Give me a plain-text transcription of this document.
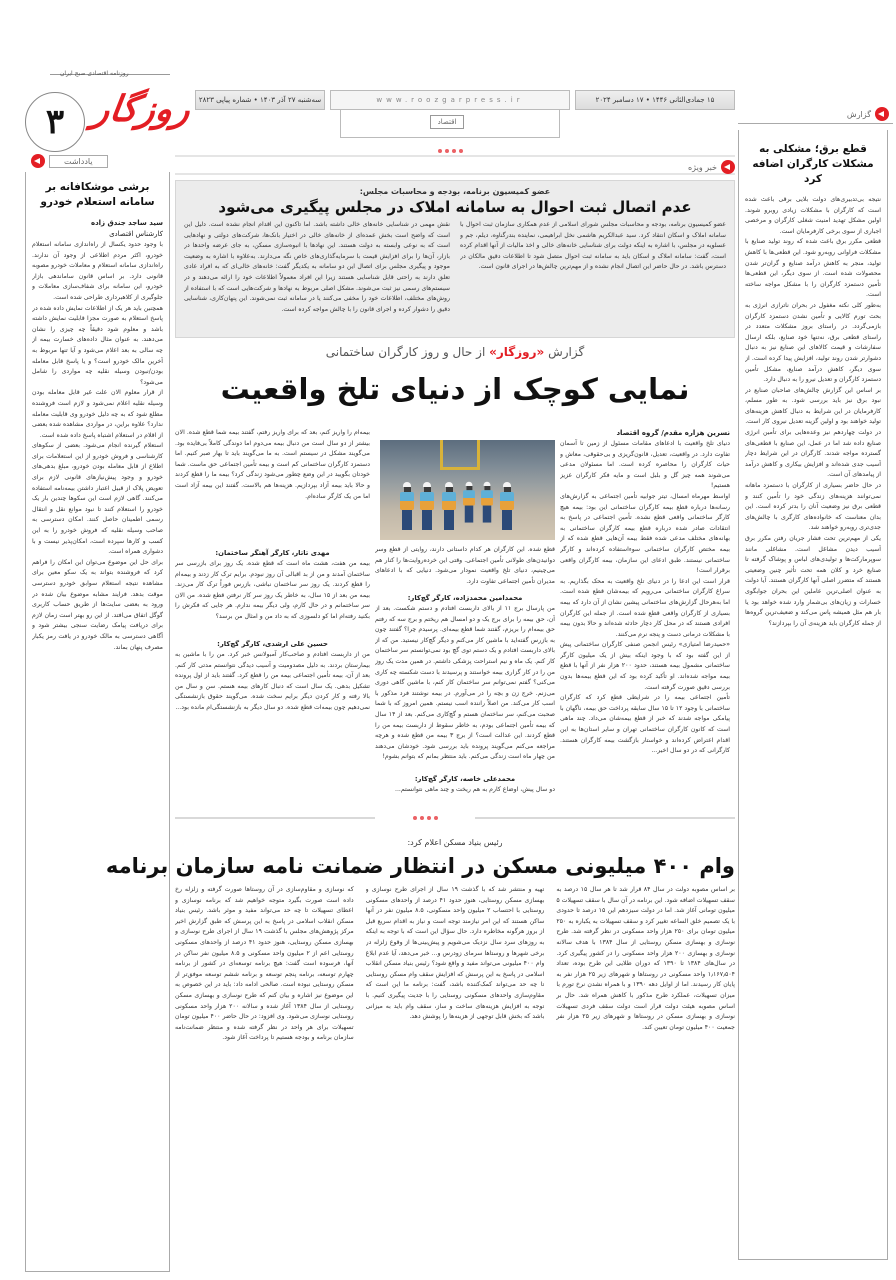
روزنامه اقتصادی صبح ایران
روزگار
۳
سه‌شنبه ۲۷ آذر ۱۴۰۳ • شماره پیاپی ۲۸۲۳	www.roozgarpress.ir	۱۵ جمادی‌الثانی ۱۴۴۶ • ۱۷ دسامبر ۲۰۲۴
اقتصاد
گزارش
قطع برق؛ مشکلی به مشکلات کارگران اضافه کرد

نتیجه بی‌تدبیری‌های دولت بلایی برقی باعث شده است که کارگران با مشکلات زیادی روبرو شوند. اولین مشکل تهدید امنیت شغلی کارگران و مرخصی اجباری از سوی برخی کارفرمایان است.

قطعی مکرر برق باعث شده که روند تولید صنایع با مشکلات فراوانی روبه‌رو شود. این قطعی‌ها با کاهش تولید، منجر به کاهش درآمد صنایع و گران‌تر شدن محصولات شده است. از سوی دیگر، این قطعی‌ها تأمین دستمزد کارگران را با مشکل مواجه ساخته است.

به‌طور کلی نکته مغفول در بحران ناترازی انرژی به بحث تورم کالایی و تأمین نشدن دستمزد کارگران بازمی‌گردد. در راستای بروز مشکلات متعدد در راستای قطعی برق، نه‌تنها خود صنایع، بلکه ارسال سفارشات و قیمت کالاهای این صنایع نیز به دنبال دشوارتر شدن روند تولید، افزایش پیدا کرده است. از سوی دیگر، کاهش درآمد صنایع، مشکل تأمین دستمزد کارگران و تعدیل نیرو را به دنبال دارد.

بر اساس این گزارش چالش‌های صاحبان صنایع در نبود برق نیز باید بررسی شود. به طور مسلم، کارفرمایان در این شرایط به دنبال کاهش هزینه‌های تولید خواهند بود و اولین گزینه تعدیل نیروی کار است.

در دولت چهاردهم نیز وعده‌هایی برای تأمین انرژی صنایع داده شد اما در عمل، این صنایع با قطعی‌های گسترده مواجه شدند. کارگران در این شرایط دچار آسیب جدی شده‌اند و افزایش بیکاری و کاهش درآمد از پیامدهای آن است.

در حال حاضر بسیاری از کارگران با دستمزد ماهانه نمی‌توانند هزینه‌های زندگی خود را تأمین کنند و قطعی برق نیز وضعیت آنان را بدتر کرده است. این بدان معناست که خانواده‌های کارگری با چالش‌های جدی‌تری روبه‌رو خواهند شد.

یکی از مهم‌ترین تحت فشار جریان رفتن مکرر برق آسیب دیدن مشاغل است. مشاغلی مانند سوپرمارکت‌ها و تولیدی‌های لباس و پوشاک گرفته تا صنایع خرد و کلان همه تحت تأثیر چنین وضعیتی هستند که متضرر اصلی آنها کارگران هستند. آیا دولت به عنوان اصلی‌ترین عاملین این بحران جوابگوی خسارات و زیان‌های بی‌شمار وارد شده خواهد بود یا بار هم مثل همیشه پاس می‌کند و ضعیف‌ترین گروه‌ها از جمله کارگران باید هزینه‌ی آن را بپردازند؟

یادداشت
برشی موشکافانه بر سامانه استعلام خودرو
سید ساجد جندق زاده
کارشناس اقتصادی

با وجود حدود یکسال از راه‌اندازی سامانه استعلام خودرو، اکثر مردم اطلاعی از وجود آن ندارند. راه‌اندازی سامانه استعلام و معاملات خودرو مصوبه قانونی دارد. بر اساس قانون ساماندهی بازار خودرو، این سامانه برای شفاف‌سازی معاملات و جلوگیری از کلاهبرداری طراحی شده است.

همچنین باید هر یک از اطلاعات نمایش داده شده در پاسخ استعلام به صورت مجزا قابلیت نمایش داشته باشد و معلوم شود دقیقاً چه چیزی را نشان می‌دهند. به عنوان مثال داده‌های خسارت بیمه از چه سالی به بعد اعلام می‌شود و آیا تنها مربوط به آخرین مالک خودرو است؟ و یا پاسخ قابل معامله بودن/نبودن وسیله نقلیه چه مواردی را شامل می‌شود؟

از قرار معلوم الان علت غیر قابل معامله بودن وسیله نقلیه اعلام نمی‌شود و لازم است فروشنده مطلع شود که به چه دلیل خودرو وی قابلیت معامله ندارد؟ علاوه براین، در مواردی مشاهده شده بعضی از اقلام در استعلام اشتباه پاسخ داده شده است.

استعلام گیرنده انجام می‌شود. بعضی از سکوهای کارشناسی و فروش خودرو از این استعلامات برای اطلاع از قابل معامله بودن خودرو، مبلغ بدهی‌های خودرو و وجود پیش‌نیازهای قانونی لازم برای تعویض پلاک از قبیل اعتبار داشتن بیمه‌نامه استفاده می‌کنند. گاهی لازم است این سکوها چندین بار یک خودرو را استعلام کنند تا نبود موانع نقل و انتقال رسمی اطمینان حاصل کنند. امکان دسترسی به صاحب وسیله نقلیه که فروش خودرو را به این کسب و کارها سپرده است، امکان‌پذیر نیست و با دشواری همراه است.

برای حل این موضوع می‌توان این امکان را فراهم کرد که فروشنده بتواند به یک سکو معین برای مشاهده نتیجه استعلام سوابق خودرو دسترسی موقت بدهد. فرایند مشابه موضوع بیان شده در ورود به بعضی سایت‌ها از طریق حساب کاربری گوگل اتفاق می‌افتد. از این رو بهتر است زمان لازم برای دریافت پیامک رضایت سنجی بیشتر شود و آگاهی دسترسی به مالک خودرو در یافت رمز یکبار مصرف پنهان بماند.

خبر ویژه
عضو کمیسیون برنامه، بودجه و محاسبات مجلس:
عدم اتصال ثبت احوال به سامانه املاک در مجلس پیگیری می‌شود
عضو کمیسیون برنامه، بودجه و محاسبات مجلس شورای اسلامی از عدم همکاری سازمان ثبت احوال با سامانه املاک و اسکان انتقاد کرد. سید عبدالکریم هاشمی نخل ابراهیمی، نماینده بندرگناوه، دیلم، جم و عسلویه در مجلس، با اشاره به اینکه دولت برای شناسایی خانه‌های خالی و اخذ مالیات از آنها اقدام کرده است، گفت: سامانه املاک و اسکان باید به سامانه ثبت احوال متصل شود تا اطلاعات دقیق مالکان در دسترس باشد. در حال حاضر این اتصال انجام نشده و از مهم‌ترین چالش‌ها در اجرای قانون است.
نقش مهمی در شناسایی خانه‌های خالی داشته باشد. اما تاکنون این اقدام انجام نشده است. دلیل این است که واضح است بخش عمده‌ای از خانه‌های خالی در اختیار بانک‌ها، شرکت‌های دولتی و نهادهایی است که به نوعی وابسته به دولت هستند. این نهادها با انبوه‌سازی مسکن، به جای عرضه واحدها در بازار، آن‌ها را برای افزایش قیمت با سرمایه‌گذاری‌های خاص نگه می‌دارند. به‌علاوه با اشاره به وضعیت موجود و پیگیری مجلس برای اتصال این دو سامانه به یکدیگر گفت: خانه‌های خالی‌ای که به افراد عادی تعلق دارند به راحتی قابل شناسایی هستند زیرا این افراد معمولاً اطلاعات خود را ارائه می‌دهند و در سیستم‌های رسمی نیز ثبت می‌شوند. مشکل اصلی مربوط به نهادها و شرکت‌هایی است که با استفاده از روش‌های مختلف، اطلاعات خود را مخفی می‌کنند یا در سامانه ثبت نمی‌شوند. این پنهان‌کاری، شناسایی دقیق را دشوار کرده و اجرای قانون را با چالش مواجه کرده است.
گزارش «روزگار» از حال و روز کارگران ساختمانی
نمایی کوچک از دنیای تلخ واقعیت
نسرین هزاره مقدم/ گروه اقتصاد

دنیای تلخ واقعیت با ادعاهای مقامات مسئول از زمین تا آسمان تفاوت دارد. در واقعیت، تعدیل، قانون‌گریزی و بی‌حقوقی، معاش و حیات کارگران را محاصره کرده است. اما مسئولان مدعی می‌شوند همه چیز گل و بلبل است و مایه فکر کارگران عزیز هستیم!

اواسط مهرماه امسال، تیتر جوابیه تأمین اجتماعی به گزارش‌های رسانه‌ها درباره قطع بیمه کارگران ساختمانی این بود: بیمه هیچ کارگر ساختمانی واقعی قطع نشده. تأمین اجتماعی در پاسخ به انتقادات صادر شده درباره قطع بیمه کارگران ساختمانی به بهانه‌های مختلف مدعی شده فقط بیمه آن‌هایی قطع شده که از بیمه مختص کارگران ساختمانی سوءاستفاده کرده‌اند و کارگر ساختمانی نیستند. طبق ادعای این سازمان، بیمه کارگران واقعی برقرار است!

قرار است این ادعا را در دنیای تلخ واقعیت به محک بگذاریم. به سراغ کارگران ساختمانی می‌رویم که بیمه‌شان قطع شده است. اما به‌هرحال گزارش‌های ساختمانی پیشین نشان از آن دارد که بیمه بسیاری از کارگران واقعی قطع شده است. از جمله این کارگران افرادی هستند که در محل کار دچار حادثه شده‌اند و حالا بدون بیمه با مشکلات درمانی دست و پنجه نرم می‌کنند.

«حمیدرضا امتیازی» رئیس انجمن صنفی کارگران ساختمانی پیش از این گفته بود که با وجود اینکه بیش از یک میلیون کارگر ساختمانی مشمول بیمه هستند، حدود ۲۰۰ هزار نفر از آنها با قطع بیمه مواجه شده‌اند. او تأکید کرده بود که این قطع بیمه‌ها بدون بررسی دقیق صورت گرفته است.

تأمین اجتماعی بیمه را در شرایطی قطع کرد که کارگران ساختمانی با وجود ۱۲ تا ۱۵ سال سابقه پرداخت حق بیمه، ناگهان با پیامکی مواجه شدند که خبر از قطع بیمه‌شان می‌داد. چند ماهی است که کانون کارگران ساختمانی تهران و سایر استان‌ها به این اقدام اعتراض کرده‌اند و خواستار بازگشت بیمه کارگران هستند. کارگرانی که در دو سال اخیر...

قطع شده. این کارگران هر کدام داستانی دارند، روایتی از قطع وسر دوانیدن‌های طولانی تأمین اجتماعی. وقتی این خرده‌روایت‌ها را کنار هم می‌چینیم، دنیای تلخ واقعیت نمودار می‌شود. دنیایی که با ادعاهای مدیران تأمین اجتماعی تفاوت دارد.
محمدامین محمدزاده، کارگر گچ‌کار:
من پارسال برج ۱۱ از بالای داربست افتادم و دستم شکست. بعد از آن، حق بیمه را برای برج یک و دو امسال هم ریختم و برج سه که رفتم حق بیمه‌ام را بریزم، گفتند شما قطع بیمه‌ای. پرسیدم چرا؟ گفتند چون به بازرس گفته‌اید با ماشین کار می‌کنم و دیگر گچ‌کار نیستید. من که از بالای داربست افتادم و یک دستم توی گچ بود نمی‌توانستم سر ساختمان کار کنم. یک ماه و نیم استراحت پزشکی داشتم. در همین مدت یک روز من را در کار گزاری بیمه خواستند و پرسیدند با دست شکسته چه کاری می‌کنی؟ گفتم نمی‌توانم سر ساختمان کار کنم، با ماشین گاهی دوری می‌زنم. خرج زن و بچه را در می‌آورم. در بیمه نوشتند فرد مذکور با اسب کار می‌کند. من اصلاً راننده اسب نیستم. همین امروز که با شما صحبت می‌کنم، سر ساختمان هستم و گچ‌کاری می‌کنم. بعد از ۱۴ سال که بیمه تأمین اجتماعی بودم، به خاطر سقوط از داربست بیمه من را قطع کردند. این عدالت است؟ از برج ۳ بیمه من قطع شده و هرچه مراجعه می‌کنم می‌گویند پرونده باید بررسی شود. خودشان می‌دهند من چهار ماه است زندگی می‌کنم. باید منتظر بمانم که بتوانم بشوم!
محمدعلی خاصه، کارگر گچ‌کار:
دو سال پیش، اوضاع کارم به هم ریخت و چند ماهی نتوانستم...
بیمه‌ام را واریز کنم، بعد که برای واریز رفتم، گفتند بیمه شما قطع شده. الان بیشتر از دو سال است من دنبال بیمه می‌دوم اما دوندگی کاملاً بی‌فایده بود. می‌گویند مشکل در سیستم است. به ما می‌گویند باید تا بهار صبر کنیم. اما دستمزد کارگران ساختمانی کم است و بیمه تأمین اجتماعی حق ماست. شما خودتان بگویید در این وضع چطور می‌شود زندگی کرد؟ بیمه ما را قطع کردند و حالا باید بیمه آزاد بپردازیم. هزینه‌ها هم بالاست. گفتند این بیمه آزاد است اما من یک کارگر ساده‌ام.
مهدی تاتار، کارگر آهنگر ساختمان:
بیمه من هفت، هشت ماه است که قطع شده. یک روز برای بازرسی سر ساختمان آمدند و من از بد اقبالی آن روز نبودم. برایم ترک کار زدند و بیمه‌ام را قطع کردند. یک روز سر ساختمان نباشی، بازرس فوراً ترک کار می‌زند. بیمه من بعد از ۱۵ سال، به خاطر یک روز سر کار نرفتن قطع شده. من الان سر ساختمانم و در حال کارم، ولی دیگر بیمه ندارم. هر جایی که فکرش را بکنید رفته‌ام اما کو دلسوزی که به داد من و امثال من برسد؟
حسین علی ارشدی، کارگر گچ‌کار:
من از داربست افتادم و صاحب‌کار آمبولانس خبر کرد. من را با ماشین به بیمارستان بردند. به دلیل مصدومیت و آسیب دیدگی نتوانستم مدتی کار کنم. بعد از آن، بیمه تأمین اجتماعی بیمه من را قطع کرد. گفتند باید از اول پرونده تشکیل بدهی. یک سال است که دنبال کارهای بیمه هستم. سن و سال من بالا رفته و کار کردن دیگر برایم سخت شده. می‌گویند حقوق بازنشستگی نمی‌دهیم چون بیمه‌ات قطع شده. دو سال دیگر به بازنشستگی‌ام مانده بود...
رئیس بنیاد مسکن اعلام کرد:
وام ۴۰۰ میلیونی مسکن در انتظار ضمانت نامه سازمان برنامه
بر اساس مصوبه دولت در سال ۸۴ قرار شد تا هر سال ۱۵ درصد به سقف تسهیلات اضافه شود. این برنامه در آن سال با سقف تسهیلات ۵ میلیون تومانی آغاز شد. اما در دولت سیزدهم این ۱۵ درصد تا حدودی با یک تصمیم خلق الساعه تغییر کرد و سقف تسهیلات به یکباره به ۲۵۰ میلیون تومان برای ۲۵۰ هزار واحد مسکونی در نظر گرفته شد. طرح نوسازی و بهسازی مسکن روستایی از سال ۱۳۸۴ با هدف سالانه نوسازی و بهسازی ۲۰۰ هزار واحد مسکونی را در کشور پیگیری کرد. در سال‌های ۱۳۸۴ تا ۱۳۹۰ که دوران طلایی این طرح بوده، تعداد ۱٫۱۶۷٫۵۰۴ واحد مسکونی در روستاها و شهرهای زیر ۲۵ هزار نفر به پایان کار رسیدند. اما از اوایل دهه ۱۳۹۰ و با همراه نشدن نرخ تورم با میزان تسهیلات، عملکرد طرح مذکور با کاهش همراه شد. حال بر اساس مصوبه هیئت دولت قرار است دولت سقف فردی تسهیلات نوسازی و بهسازی مسکن در روستاها و شهرهای زیر ۲۵ هزار نفر جمعیت ۴۰۰ میلیون تومان تعیین کند.
تهیه و منتشر شد که با گذشت ۱۹ سال از اجرای طرح نوسازی و بهسازی مسکن روستایی، هنوز حدود ۴۱ درصد از واحدهای مسکونی روستایی با احتساب ۲ میلیون واحد مسکونی، ۸.۵ میلیون نفر در آنها ساکن هستند که این امر نیازمند توجه است و نیاز به اقدام سریع قبل از بروز هرگونه مخاطره دارد. حال سؤال این است که با توجه به اینکه به روزهای سرد سال نزدیک می‌شویم و پیش‌بینی‌ها از وقوع زلزله در برخی شهرها و روستاها سرمای زودرس و... خبر می‌دهد، آیا عدم ابلاغ وام ۴۰۰ میلیونی می‌تواند مفید و واقع شود؟ رئیس بنیاد مسکن انقلاب اسلامی در پاسخ به این پرسش که افزایش سقف وام مسکن روستایی تا چه حد می‌تواند کمک‌کننده باشد، گفت: برنامه ما این است که مقاوم‌سازی واحدهای مسکونی روستایی را با جدیت پیگیری کنیم. با توجه به افزایش هزینه‌های ساخت و ساز، سقف وام باید به میزانی باشد که بخش قابل توجهی از هزینه‌ها را پوشش دهد.
که نوسازی و مقاوم‌سازی در آن روستاها صورت گرفته و زلزله رخ داده است صورت بگیرد متوجه خواهیم شد که برنامه نوسازی و اعطای تسهیلات تا چه حد می‌تواند مفید و موثر باشد. رئیس بنیاد مسکن انقلاب اسلامی در پاسخ به این پرسش که طبق گزارش اخیر مرکز پژوهش‌های مجلس با گذشت ۱۹ سال از اجرای طرح نوسازی و بهسازی مسکن روستایی، هنوز حدود ۴۱ درصد از واحدهای مسکونی روستایی اعم از ۲ میلیون واحد مسکونی و ۸.۵ میلیون نفر ساکن در آنها، فرسوده است گفت: هیچ برنامه توسعه‌ای در کشور از برنامه چهارم توسعه، برنامه پنجم توسعه و برنامه ششم توسعه موفق‌تر از مسکن روستایی نبوده است. صالحی ادامه داد: باید در این خصوص به این موضوع نیز اشاره و بیان کنم که طرح نوسازی و بهسازی مسکن روستایی از سال ۱۳۸۴ آغاز شده و سالانه ۲۰۰ هزار واحد مسکونی روستایی نوسازی می‌شود. وی افزود: در حال حاضر ۴۰۰ میلیون تومان تسهیلات برای هر واحد در نظر گرفته شده و منتظر ضمانت‌نامه سازمان برنامه و بودجه هستیم تا پرداخت آغاز شود.
